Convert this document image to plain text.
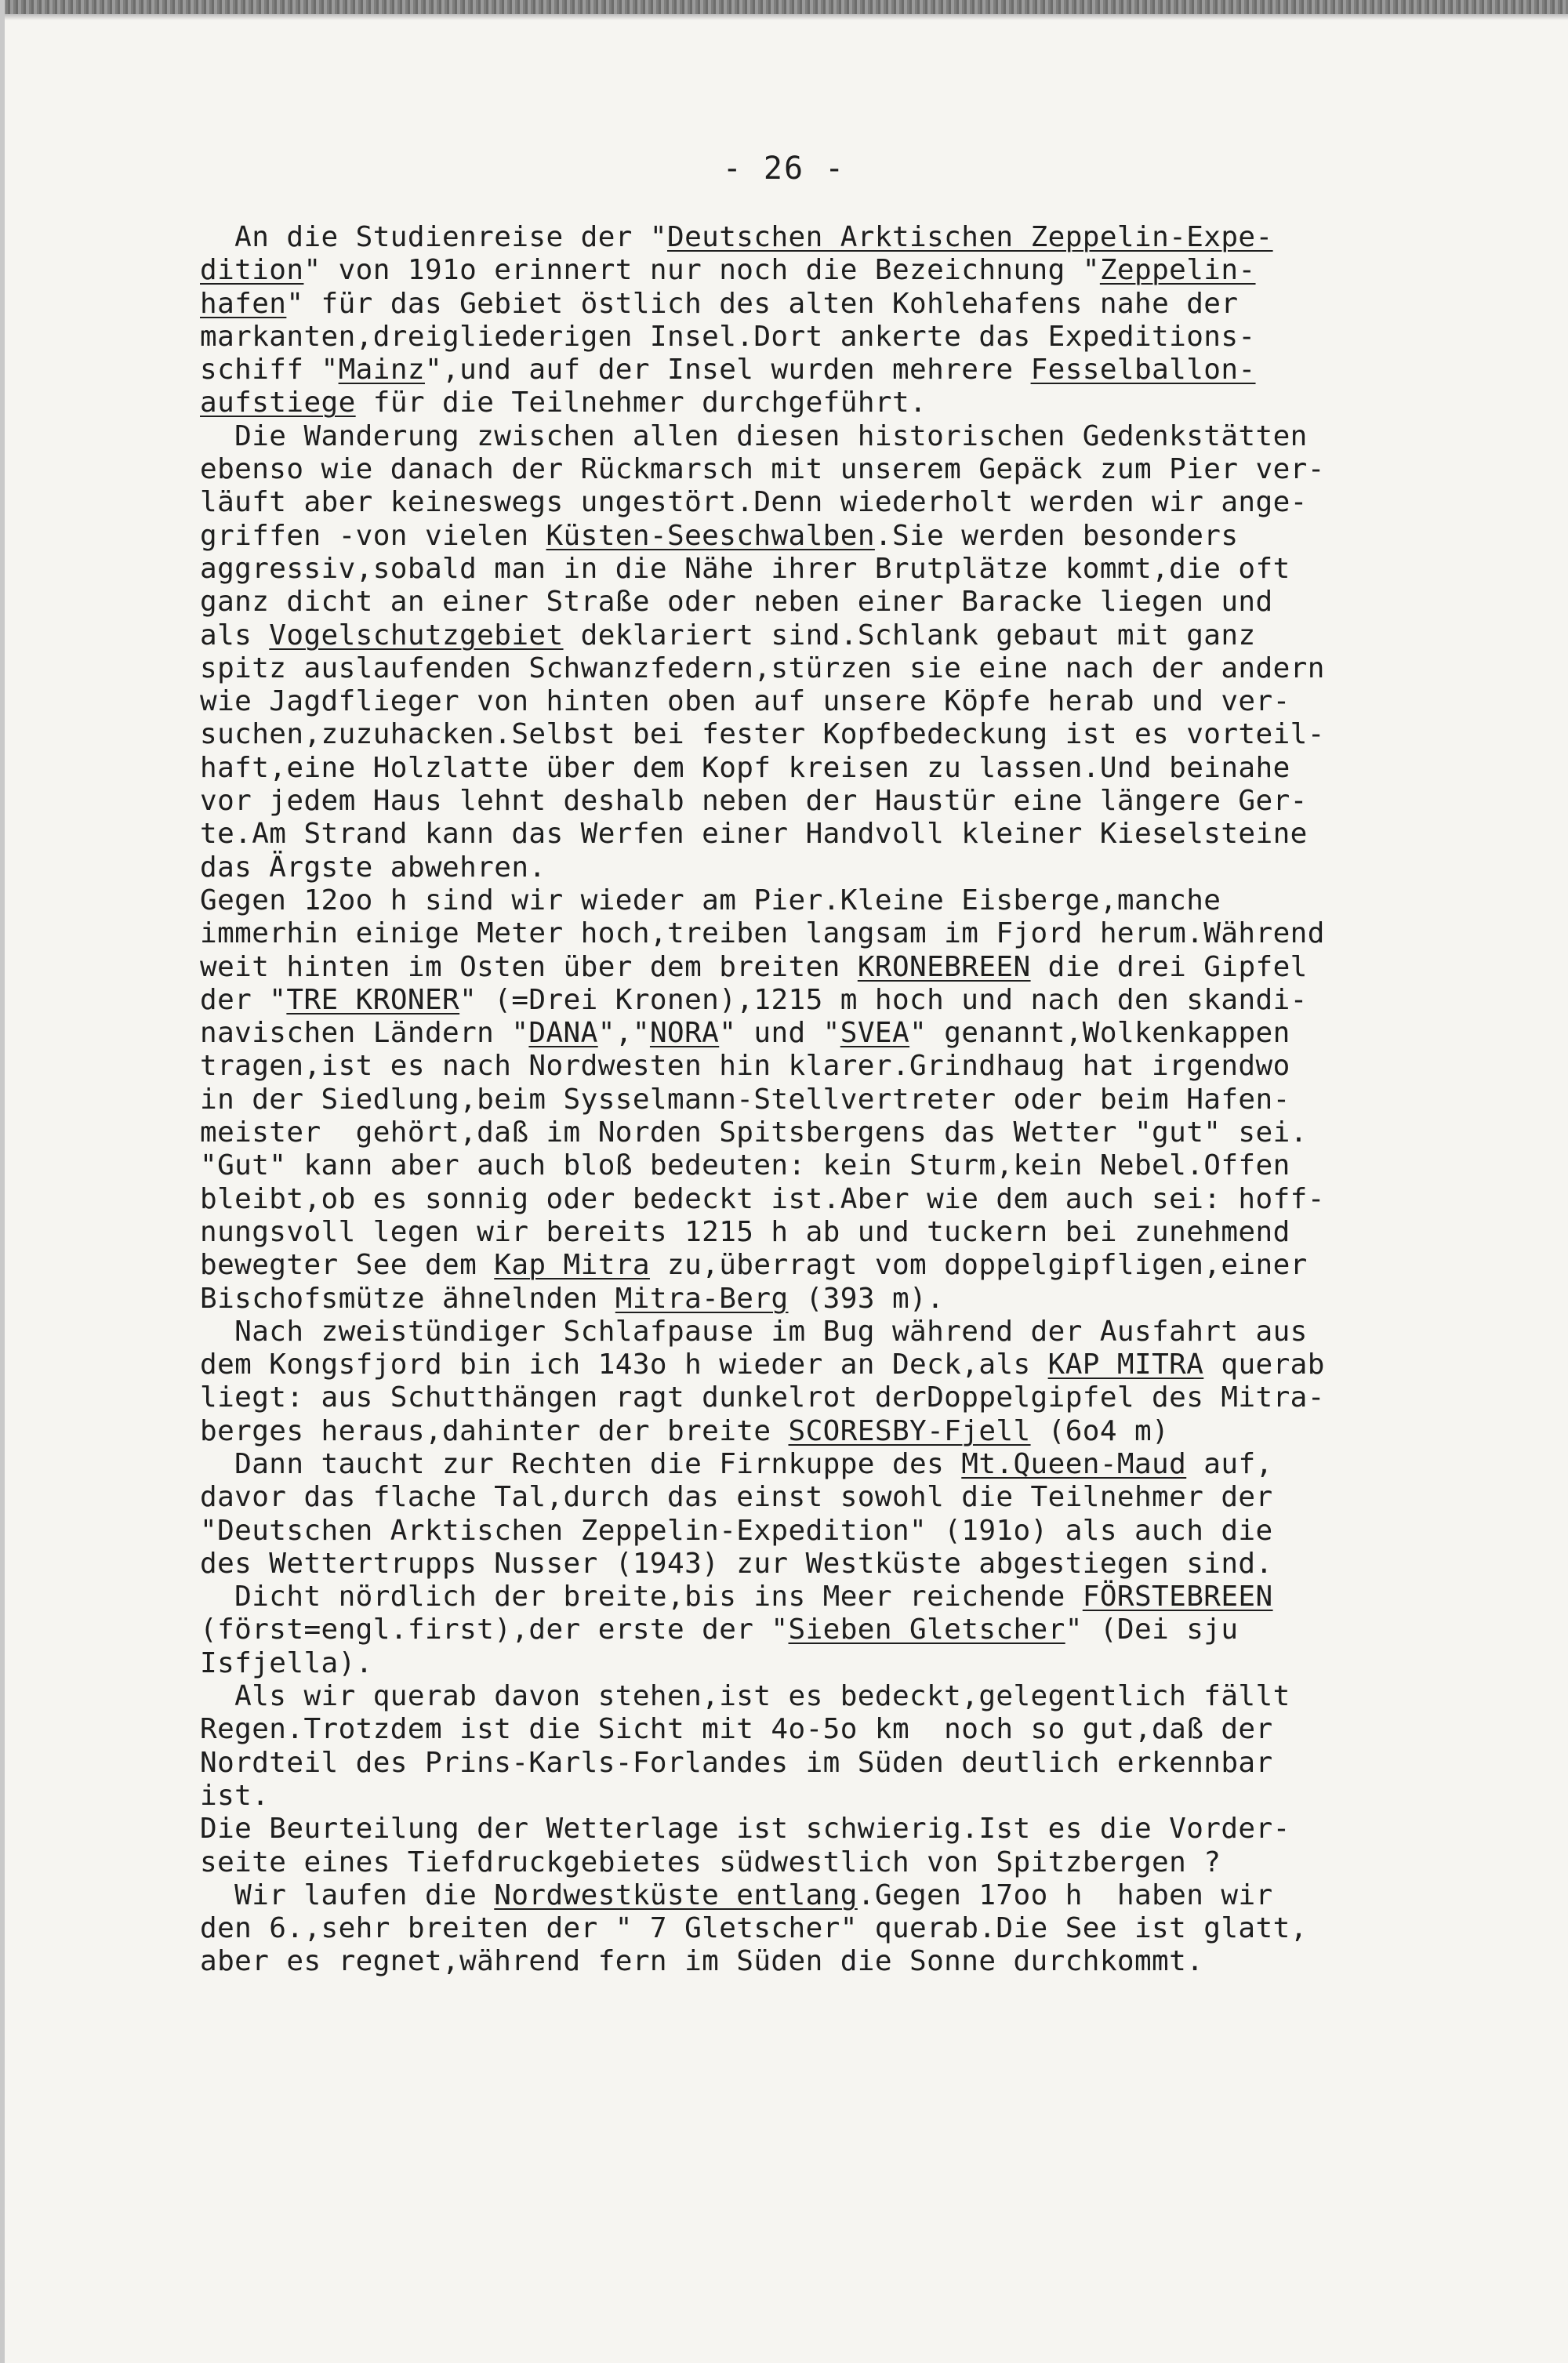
- 26 -
An die Studienreise der "Deutschen Arktischen Zeppelin-Expe-
dition" von 191o erinnert nur noch die Bezeichnung "Zeppelin-
hafen" für das Gebiet östlich des alten Kohlehafens nahe der
markanten,dreigliederigen Insel.Dort ankerte das Expeditions-
schiff "Mainz",und auf der Insel wurden mehrere Fesselballon-
aufstiege für die Teilnehmer durchgeführt.
Die Wanderung zwischen allen diesen historischen Gedenkstätten
ebenso wie danach der Rückmarsch mit unserem Gepäck zum Pier ver-
läuft aber keineswegs ungestört.Denn wiederholt werden wir ange-
griffen -von vielen Küsten-Seeschwalben.Sie werden besonders
aggressiv,sobald man in die Nähe ihrer Brutplätze kommt,die oft
ganz dicht an einer Straße oder neben einer Baracke liegen und
als Vogelschutzgebiet deklariert sind.Schlank gebaut mit ganz
spitz auslaufenden Schwanzfedern,stürzen sie eine nach der andern
wie Jagdflieger von hinten oben auf unsere Köpfe herab und ver-
suchen,zuzuhacken.Selbst bei fester Kopfbedeckung ist es vorteil-
haft,eine Holzlatte über dem Kopf kreisen zu lassen.Und beinahe
vor jedem Haus lehnt deshalb neben der Haustür eine längere Ger-
te.Am Strand kann das Werfen einer Handvoll kleiner Kieselsteine
das Ärgste abwehren.
Gegen 12oo h sind wir wieder am Pier.Kleine Eisberge,manche
immerhin einige Meter hoch,treiben langsam im Fjord herum.Während
weit hinten im Osten über dem breiten KRONEBREEN die drei Gipfel
der "TRE KRONER" (=Drei Kronen),1215 m hoch und nach den skandi-
navischen Ländern "DANA","NORA" und "SVEA" genannt,Wolkenkappen
tragen,ist es nach Nordwesten hin klarer.Grindhaug hat irgendwo
in der Siedlung,beim Sysselmann-Stellvertreter oder beim Hafen-
meister  gehört,daß im Norden Spitsbergens das Wetter "gut" sei.
"Gut" kann aber auch bloß bedeuten: kein Sturm,kein Nebel.Offen
bleibt,ob es sonnig oder bedeckt ist.Aber wie dem auch sei: hoff-
nungsvoll legen wir bereits 1215 h ab und tuckern bei zunehmend
bewegter See dem Kap Mitra zu,überragt vom doppelgipfligen,einer
Bischofsmütze ähnelnden Mitra-Berg (393 m).
Nach zweistündiger Schlafpause im Bug während der Ausfahrt aus
dem Kongsfjord bin ich 143o h wieder an Deck,als KAP MITRA querab
liegt: aus Schutthängen ragt dunkelrot derDoppelgipfel des Mitra-
berges heraus,dahinter der breite SCORESBY-Fjell (6o4 m)
Dann taucht zur Rechten die Firnkuppe des Mt.Queen-Maud auf,
davor das flache Tal,durch das einst sowohl die Teilnehmer der
"Deutschen Arktischen Zeppelin-Expedition" (191o) als auch die
des Wettertrupps Nusser (1943) zur Westküste abgestiegen sind.
Dicht nördlich der breite,bis ins Meer reichende FÖRSTEBREEN
(först=engl.first),der erste der "Sieben Gletscher" (Dei sju
Isfjella).
Als wir querab davon stehen,ist es bedeckt,gelegentlich fällt
Regen.Trotzdem ist die Sicht mit 4o-5o km  noch so gut,daß der
Nordteil des Prins-Karls-Forlandes im Süden deutlich erkennbar
ist.
Die Beurteilung der Wetterlage ist schwierig.Ist es die Vorder-
seite eines Tiefdruckgebietes südwestlich von Spitzbergen ?
Wir laufen die Nordwestküste entlang.Gegen 17oo h  haben wir
den 6.,sehr breiten der " 7 Gletscher" querab.Die See ist glatt,
aber es regnet,während fern im Süden die Sonne durchkommt.
